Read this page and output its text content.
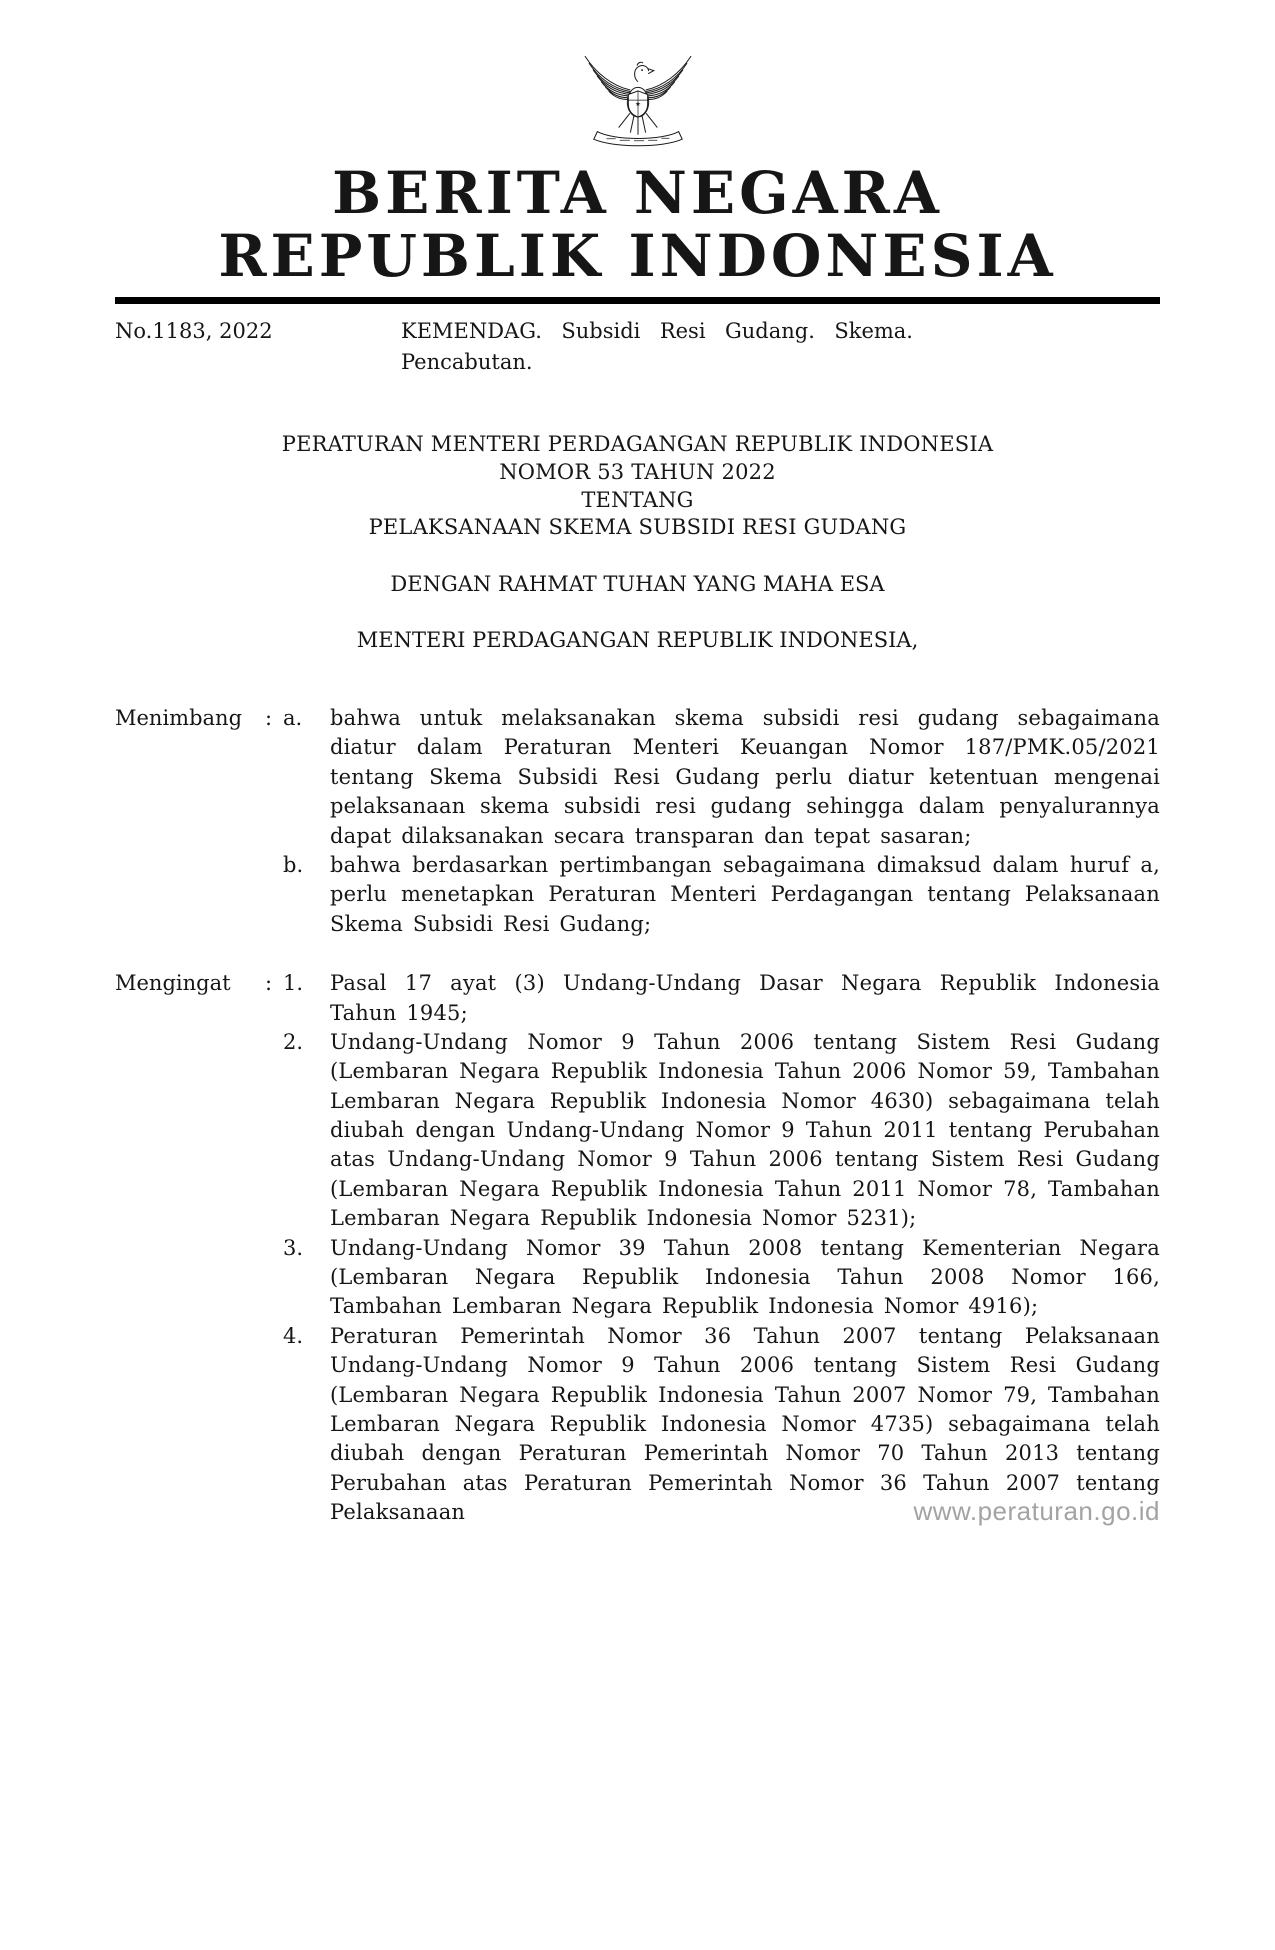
★
BERITA NEGARA
REPUBLIK INDONESIA
No.1183, 2022	KEMENDAG. Subsidi Resi Gudang. Skema. Pencabutan.
PERATURAN MENTERI PERDAGANGAN REPUBLIK INDONESIA
NOMOR 53 TAHUN 2022
TENTANG
PELAKSANAAN SKEMA SUBSIDI RESI GUDANG
DENGAN RAHMAT TUHAN YANG MAHA ESA
MENTERI PERDAGANGAN REPUBLIK INDONESIA,
Menimbang	: a.	bahwa untuk melaksanakan skema subsidi resi gudang sebagaimana diatur dalam Peraturan Menteri Keuangan Nomor 187/PMK.05/2021 tentang Skema Subsidi Resi Gudang perlu diatur ketentuan mengenai pelaksanaan skema subsidi resi gudang sehingga dalam penyalurannya dapat dilaksanakan secara transparan dan tepat sasaran;
b.	bahwa berdasarkan pertimbangan sebagaimana dimaksud dalam huruf a, perlu menetapkan Peraturan Menteri Perdagangan tentang Pelaksanaan Skema Subsidi Resi Gudang;
Mengingat	: 1.	Pasal 17 ayat (3) Undang-Undang Dasar Negara Republik Indonesia Tahun 1945;
2.	Undang-Undang Nomor 9 Tahun 2006 tentang Sistem Resi Gudang (Lembaran Negara Republik Indonesia Tahun 2006 Nomor 59, Tambahan Lembaran Negara Republik Indonesia Nomor 4630) sebagaimana telah diubah dengan Undang-Undang Nomor 9 Tahun 2011 tentang Perubahan atas Undang-Undang Nomor 9 Tahun 2006 tentang Sistem Resi Gudang (Lembaran Negara Republik Indonesia Tahun 2011 Nomor 78, Tambahan Lembaran Negara Republik Indonesia Nomor 5231);
3.	Undang-Undang Nomor 39 Tahun 2008 tentang Kementerian Negara (Lembaran Negara Republik Indonesia Tahun 2008 Nomor 166, Tambahan Lembaran Negara Republik Indonesia Nomor 4916);
4.	Peraturan Pemerintah Nomor 36 Tahun 2007 tentang Pelaksanaan Undang-Undang Nomor 9 Tahun 2006 tentang Sistem Resi Gudang (Lembaran Negara Republik Indonesia Tahun 2007 Nomor 79, Tambahan Lembaran Negara Republik Indonesia Nomor 4735) sebagaimana telah diubah dengan Peraturan Pemerintah Nomor 70 Tahun 2013 tentang Perubahan atas Peraturan Pemerintah Nomor 36 Tahun 2007 tentang Pelaksanaan	www.peraturan.go.id
